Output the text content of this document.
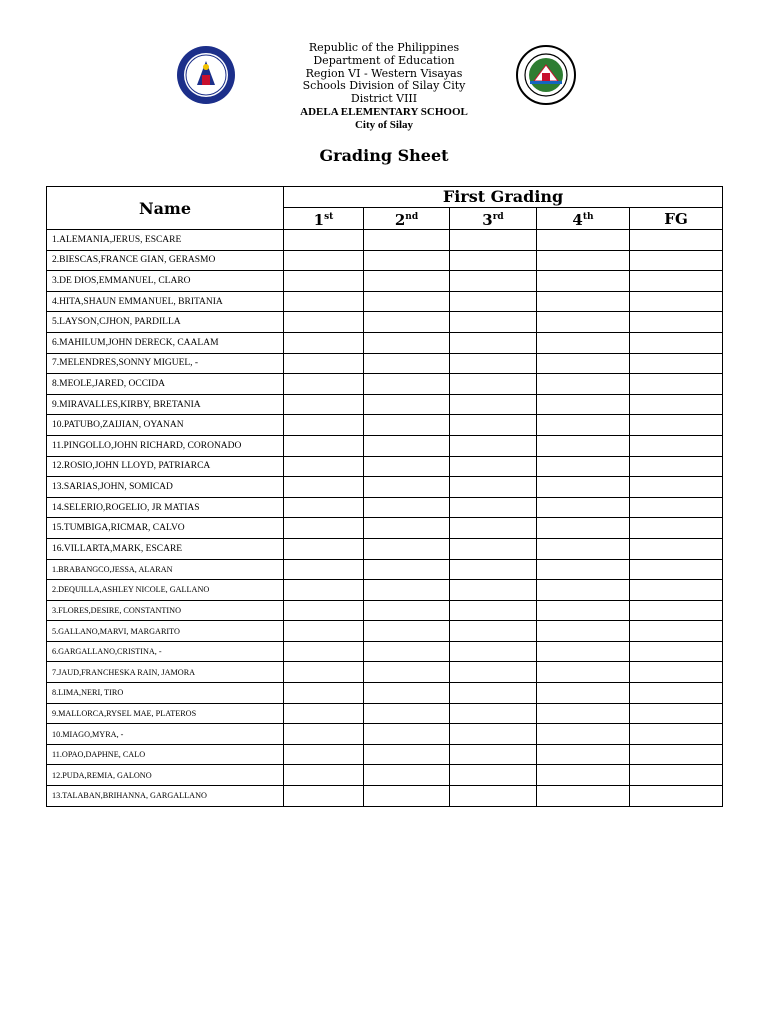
Republic of the Philippines
Department of Education
Region VI - Western Visayas
Schools Division of Silay City
District VIII
ADELA ELEMENTARY SCHOOL
City of Silay
Grading Sheet
Name	First Grading				
	1st	2nd	3rd	4th	FG
1.ALEMANIA,JERUS, ESCARE					
2.BIESCAS,FRANCE GIAN, GERASMO					
3.DE DIOS,EMMANUEL, CLARO					
4.HITA,SHAUN EMMANUEL, BRITANIA					
5.LAYSON,CJHON, PARDILLA					
6.MAHILUM,JOHN DERECK, CAALAM					
7.MELENDRES,SONNY MIGUEL, -					
8.MEOLE,JARED, OCCIDA					
9.MIRAVALLES,KIRBY, BRETANIA					
10.PATUBO,ZAIJIAN, OYANAN					
11.PINGOLLO,JOHN RICHARD, CORONADO					
12.ROSIO,JOHN LLOYD, PATRIARCA					
13.SARIAS,JOHN, SOMICAD					
14.SELERIO,ROGELIO, JR MATIAS					
15.TUMBIGA,RICMAR, CALVO					
16.VILLARTA,MARK, ESCARE					
1.BRABANGCO,JESSA, ALARAN					
2.DEQUILLA,ASHLEY NICOLE, GALLANO					
3.FLORES,DESIRE, CONSTANTINO					
5.GALLANO,MARVI, MARGARITO					
6.GARGALLANO,CRISTINA, -					
7.JAUD,FRANCHESKA RAIN, JAMORA					
8.LIMA,NERI, TIRO					
9.MALLORCA,RYSEL MAE, PLATEROS					
10.MIAGO,MYRA, -					
11.OPAO,DAPHNE, CALO					
12.PUDA,REMIA, GALONO					
13.TALABAN,BRIHANNA, GARGALLANO					
